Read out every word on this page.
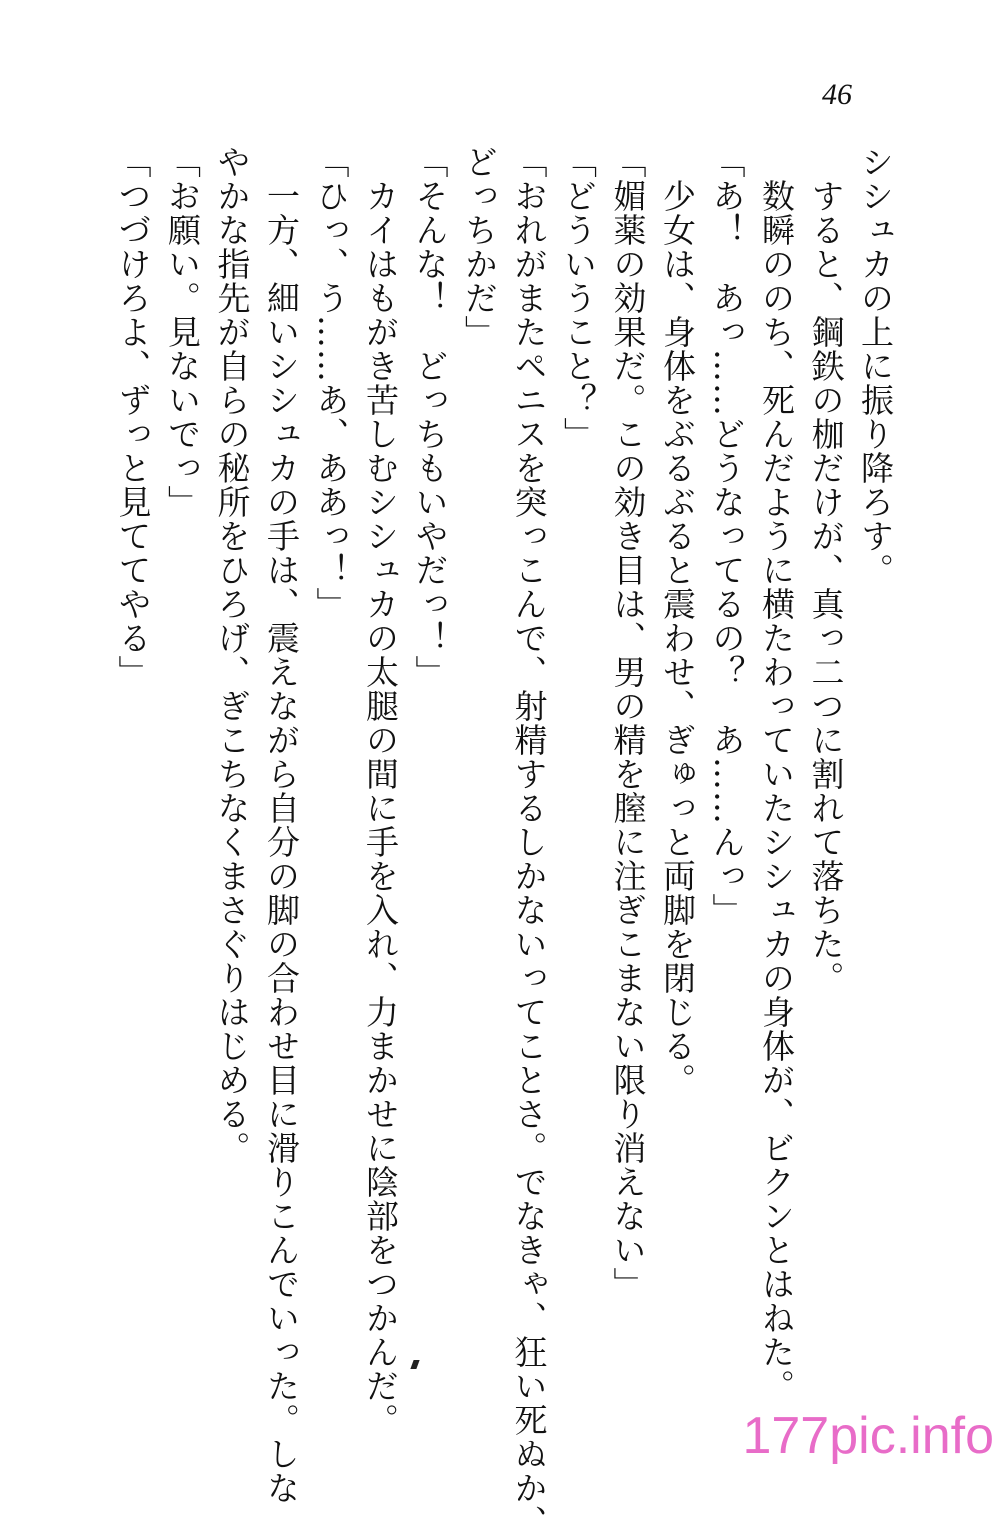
46
シシュカの上に振り降ろす。
　すると、鋼鉄の枷だけが、真っ二つに割れて落ちた。
　数瞬ののち、死んだように横たわっていたシシュカの身体が、ビクンとはねた。
「あ！　あっ……どうなってるの？　あ……んっ」
　少女は、身体をぶるぶると震わせ、ぎゅっと両脚を閉じる。
「媚薬の効果だ。この効き目は、男の精を膣に注ぎこまない限り消えない」
「どういうこと？」
「おれがまたペニスを突っこんで、射精するしかないってことさ。でなきゃ、狂い死ぬか、
どっちかだ」
「そんな！　どっちもいやだっ！」
　カイはもがき苦しむシシュカの太腿の間に手を入れ、力まかせに陰部をつかんだ。
「ひっ、う……あ、ああっ！」
　一方、細いシシュカの手は、震えながら自分の脚の合わせ目に滑りこんでいった。しな
やかな指先が自らの秘所をひろげ、ぎこちなくまさぐりはじめる。
「お願い。見ないでっ」
「つづけろよ、ずっと見ててやる」
177pic.info
